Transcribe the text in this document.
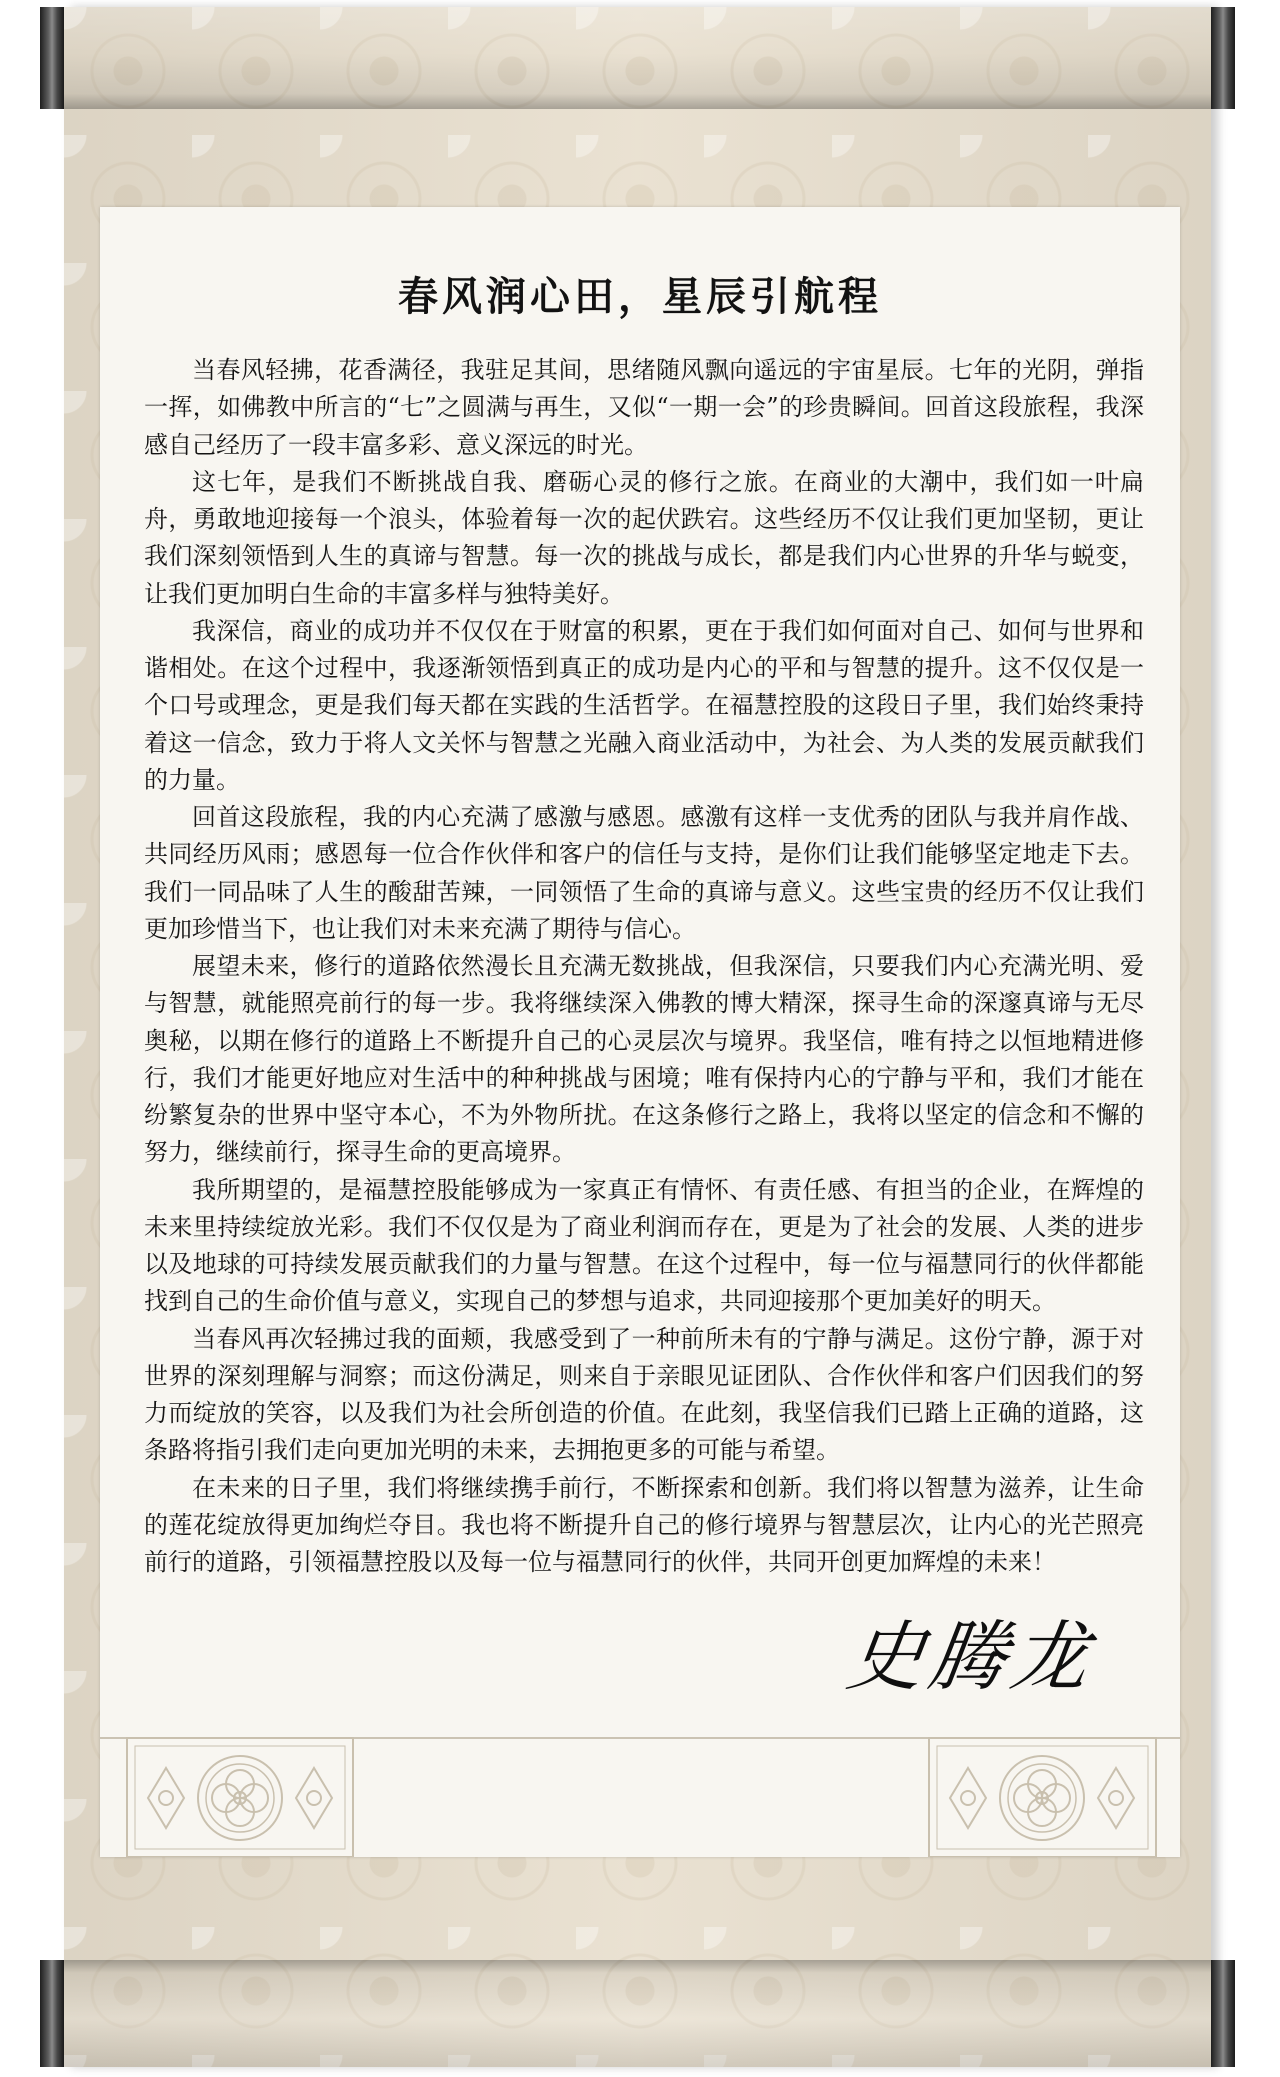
春风润心田，星辰引航程

当春风轻拂，花香满径，我驻足其间，思绪随风飘向遥远的宇宙星辰。七年的光阴，弹指一挥，如佛教中所言的“七”之圆满与再生，又似“一期一会”的珍贵瞬间。回首这段旅程，我深感自己经历了一段丰富多彩、意义深远的时光。

这七年，是我们不断挑战自我、磨砺心灵的修行之旅。在商业的大潮中，我们如一叶扁舟，勇敢地迎接每一个浪头，体验着每一次的起伏跌宕。这些经历不仅让我们更加坚韧，更让我们深刻领悟到人生的真谛与智慧。每一次的挑战与成长，都是我们内心世界的升华与蜕变，让我们更加明白生命的丰富多样与独特美好。

我深信，商业的成功并不仅仅在于财富的积累，更在于我们如何面对自己、如何与世界和谐相处。在这个过程中，我逐渐领悟到真正的成功是内心的平和与智慧的提升。这不仅仅是一个口号或理念，更是我们每天都在实践的生活哲学。在福慧控股的这段日子里，我们始终秉持着这一信念，致力于将人文关怀与智慧之光融入商业活动中，为社会、为人类的发展贡献我们的力量。

回首这段旅程，我的内心充满了感激与感恩。感激有这样一支优秀的团队与我并肩作战、共同经历风雨；感恩每一位合作伙伴和客户的信任与支持，是你们让我们能够坚定地走下去。我们一同品味了人生的酸甜苦辣，一同领悟了生命的真谛与意义。这些宝贵的经历不仅让我们更加珍惜当下，也让我们对未来充满了期待与信心。

展望未来，修行的道路依然漫长且充满无数挑战，但我深信，只要我们内心充满光明、爱与智慧，就能照亮前行的每一步。我将继续深入佛教的博大精深，探寻生命的深邃真谛与无尽奥秘，以期在修行的道路上不断提升自己的心灵层次与境界。我坚信，唯有持之以恒地精进修行，我们才能更好地应对生活中的种种挑战与困境；唯有保持内心的宁静与平和，我们才能在纷繁复杂的世界中坚守本心，不为外物所扰。在这条修行之路上，我将以坚定的信念和不懈的努力，继续前行，探寻生命的更高境界。

我所期望的，是福慧控股能够成为一家真正有情怀、有责任感、有担当的企业，在辉煌的未来里持续绽放光彩。我们不仅仅是为了商业利润而存在，更是为了社会的发展、人类的进步以及地球的可持续发展贡献我们的力量与智慧。在这个过程中，每一位与福慧同行的伙伴都能找到自己的生命价值与意义，实现自己的梦想与追求，共同迎接那个更加美好的明天。

当春风再次轻拂过我的面颊，我感受到了一种前所未有的宁静与满足。这份宁静，源于对世界的深刻理解与洞察；而这份满足，则来自于亲眼见证团队、合作伙伴和客户们因我们的努力而绽放的笑容，以及我们为社会所创造的价值。在此刻，我坚信我们已踏上正确的道路，这条路将指引我们走向更加光明的未来，去拥抱更多的可能与希望。

在未来的日子里，我们将继续携手前行，不断探索和创新。我们将以智慧为滋养，让生命的莲花绽放得更加绚烂夺目。我也将不断提升自己的修行境界与智慧层次，让内心的光芒照亮前行的道路，引领福慧控股以及每一位与福慧同行的伙伴，共同开创更加辉煌的未来！

史腾龙
